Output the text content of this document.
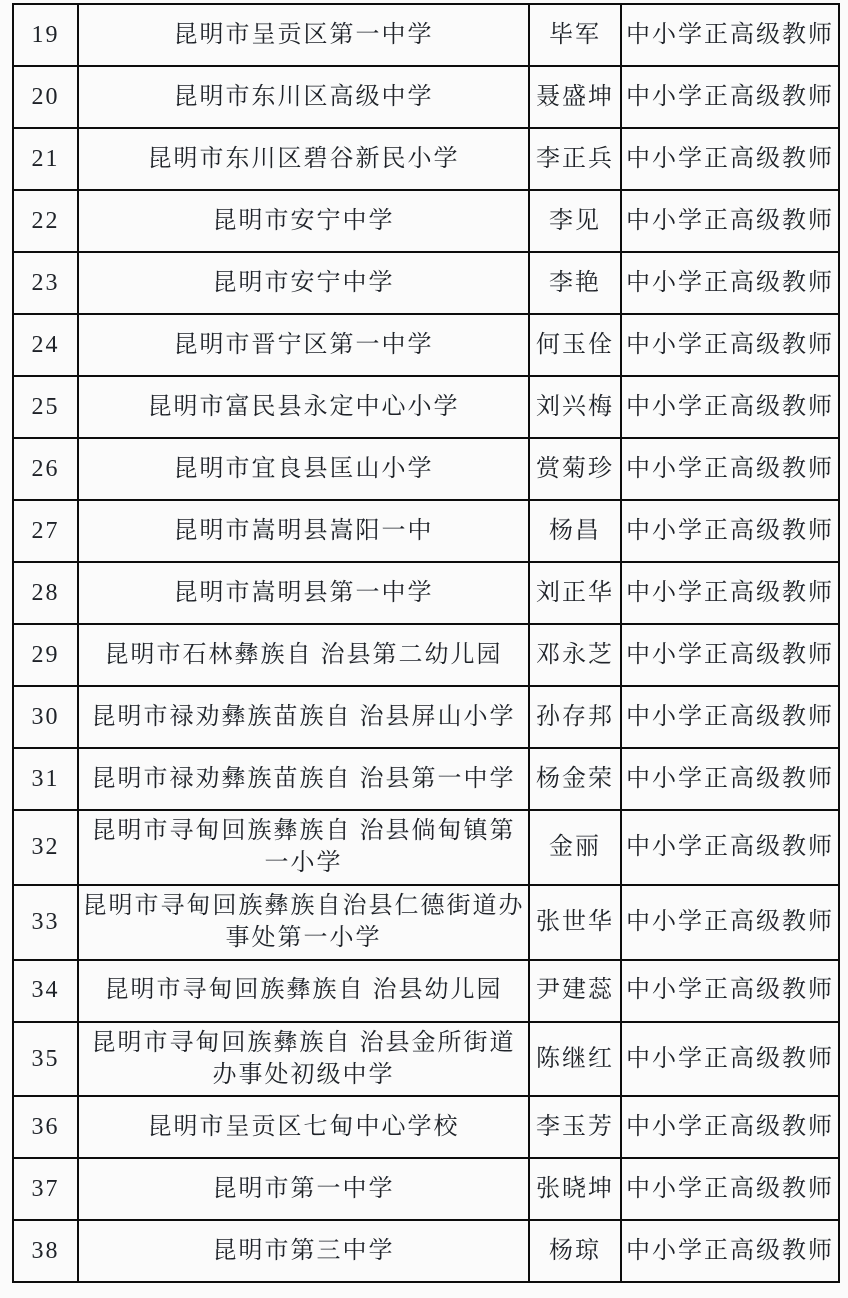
19	昆明市呈贡区第一中学	毕军	中小学正高级教师
20	昆明市东川区高级中学	聂盛坤	中小学正高级教师
21	昆明市东川区碧谷新民小学	李正兵	中小学正高级教师
22	昆明市安宁中学	李见	中小学正高级教师
23	昆明市安宁中学	李艳	中小学正高级教师
24	昆明市晋宁区第一中学	何玉佺	中小学正高级教师
25	昆明市富民县永定中心小学	刘兴梅	中小学正高级教师
26	昆明市宜良县匡山小学	赏菊珍	中小学正高级教师
27	昆明市嵩明县嵩阳一中	杨昌	中小学正高级教师
28	昆明市嵩明县第一中学	刘正华	中小学正高级教师
29	昆明市石林彝族自 治县第二幼儿园	邓永芝	中小学正高级教师
30	昆明市禄劝彝族苗族自 治县屏山小学	孙存邦	中小学正高级教师
31	昆明市禄劝彝族苗族自 治县第一中学	杨金荣	中小学正高级教师
32	昆明市寻甸回族彝族自 治县倘甸镇第一小学	金丽	中小学正高级教师
33	昆明市寻甸回族彝族自治县仁德街道办事处第一小学	张世华	中小学正高级教师
34	昆明市寻甸回族彝族自 治县幼儿园	尹建蕊	中小学正高级教师
35	昆明市寻甸回族彝族自 治县金所街道办事处初级中学	陈继红	中小学正高级教师
36	昆明市呈贡区七甸中心学校	李玉芳	中小学正高级教师
37	昆明市第一中学	张晓坤	中小学正高级教师
38	昆明市第三中学	杨琼	中小学正高级教师
